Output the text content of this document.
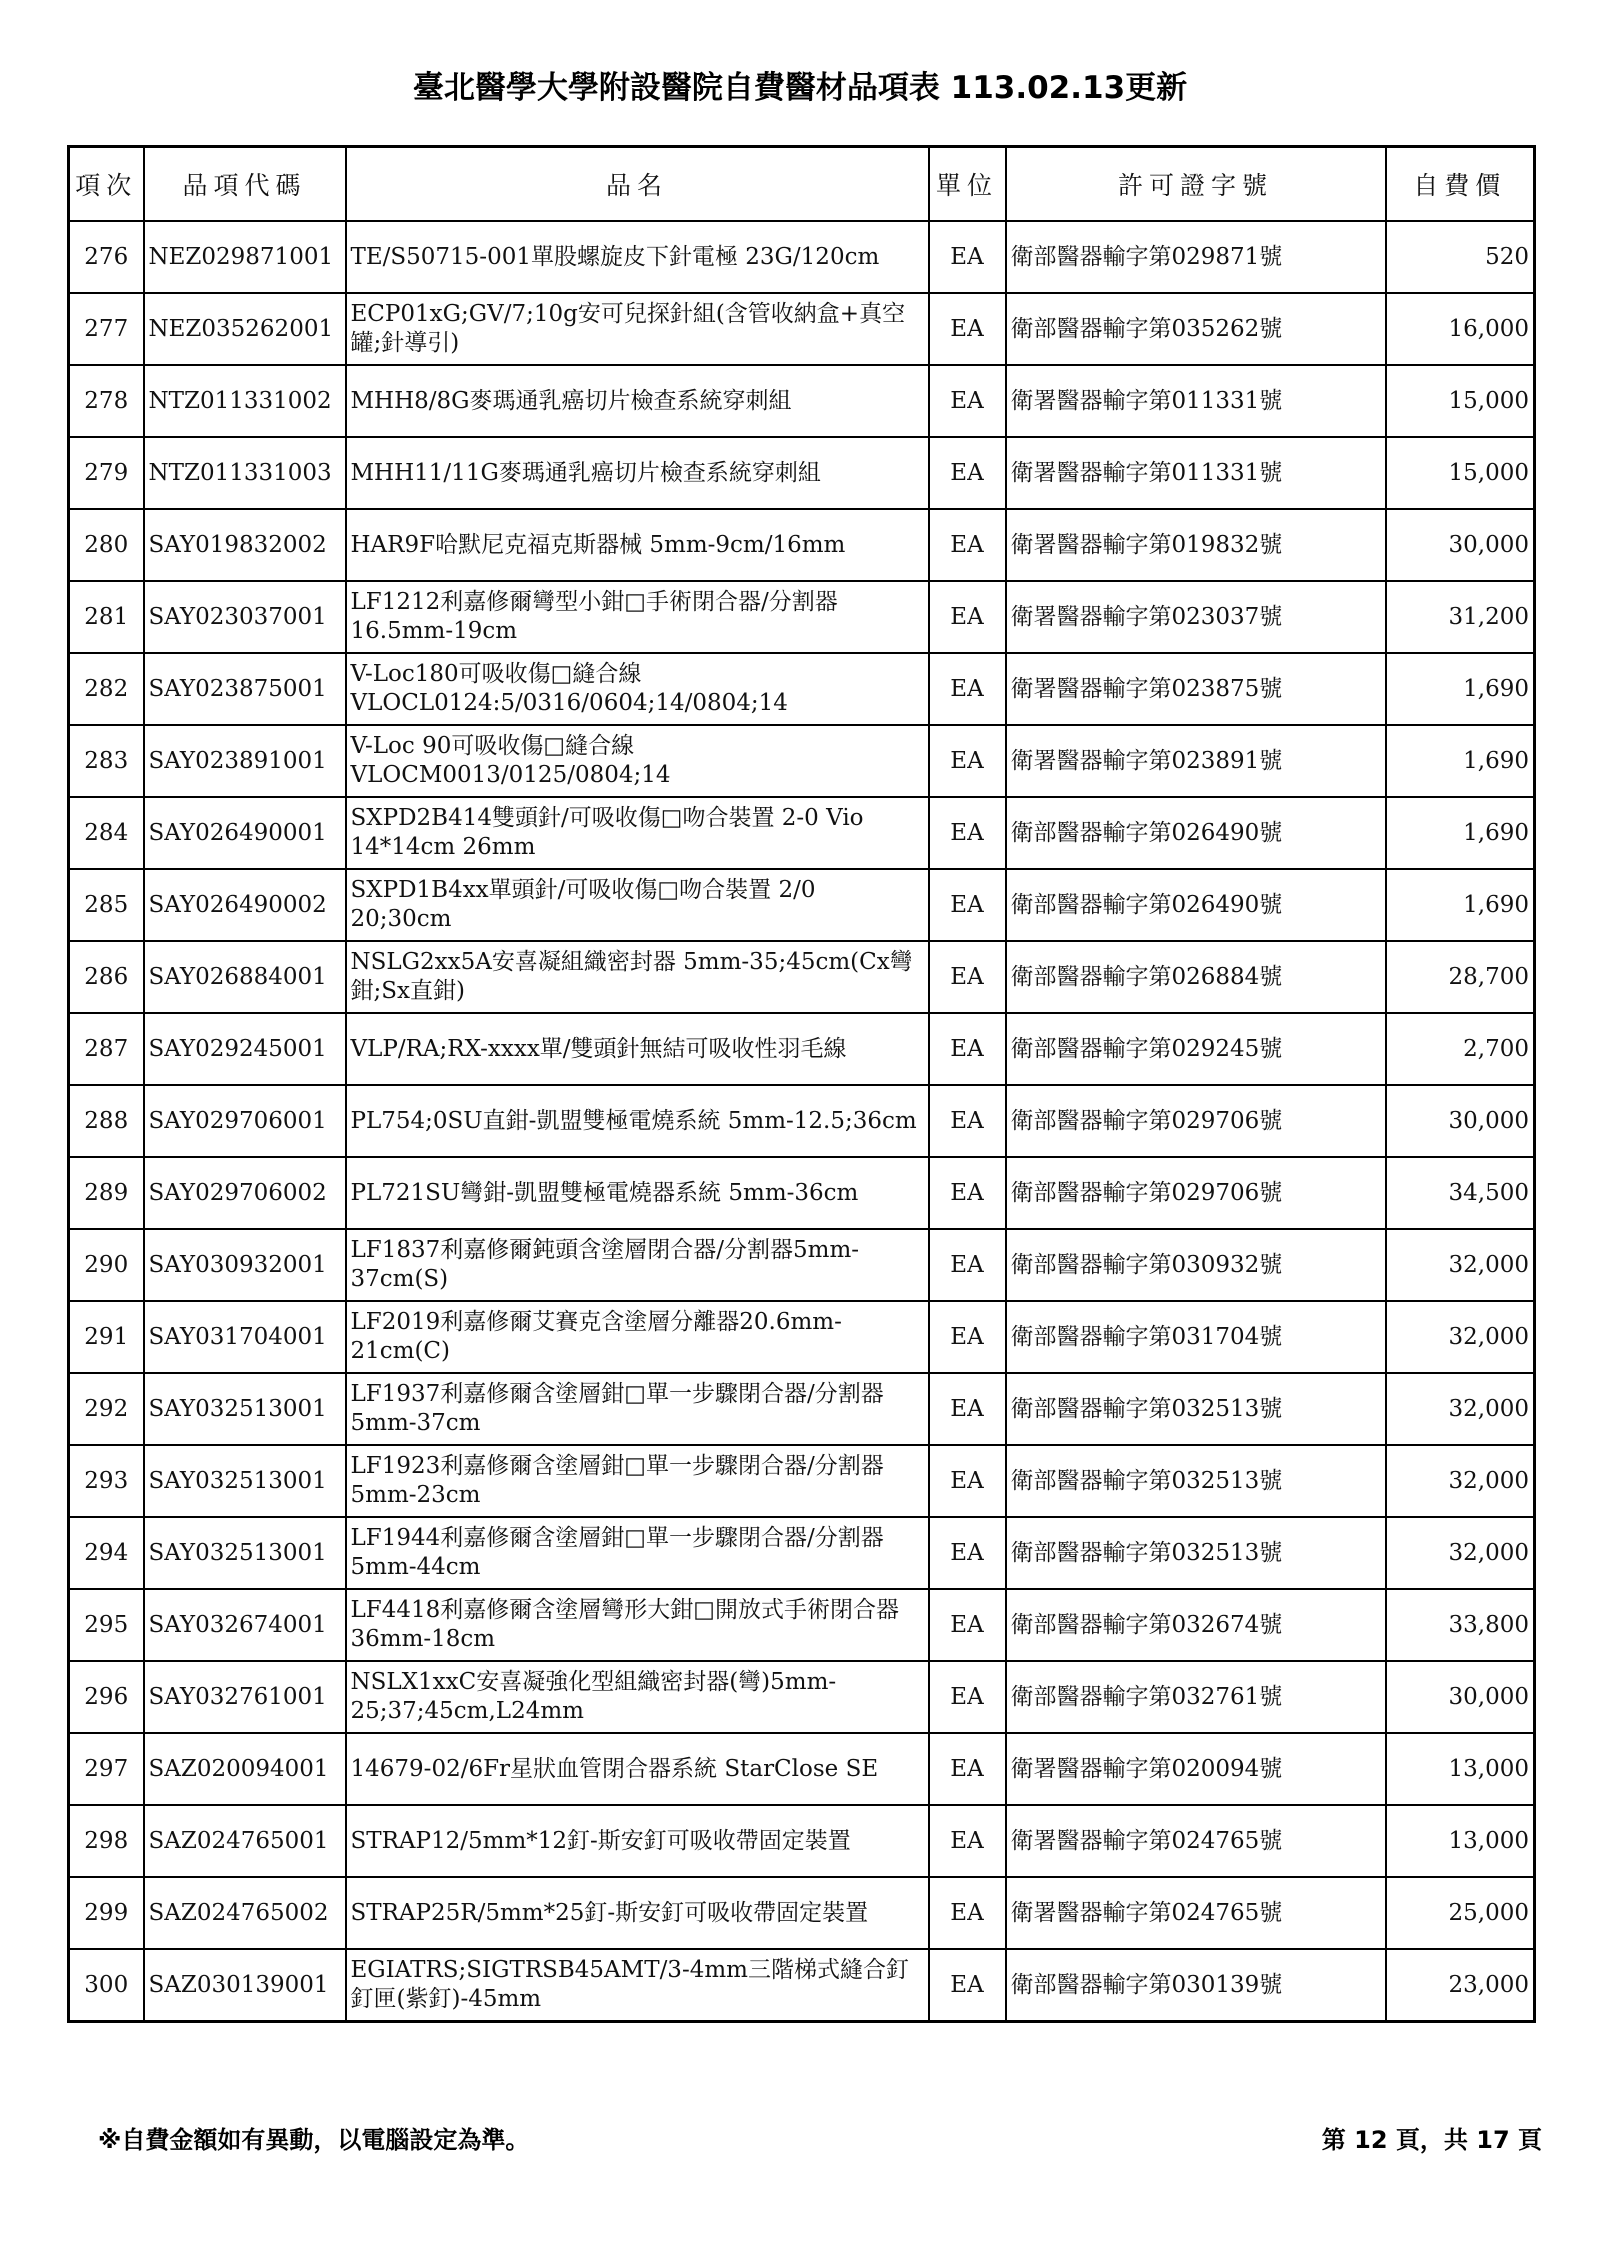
臺北醫學大學附設醫院自費醫材品項表 113.02.13更新
項次	品項代碼	品名	單位	許可證字號	自費價
276	NEZ029871001	TE/S50715-001單股螺旋皮下針電極 23G/120cm	EA	衛部醫器輸字第029871號	520
277	NEZ035262001	ECP01xG;GV/7;10g安可兒探針組(含管收納盒+真空罐;針導引)	EA	衛部醫器輸字第035262號	16,000
278	NTZ011331002	MHH8/8G麥瑪通乳癌切片檢查系統穿刺組	EA	衛署醫器輸字第011331號	15,000
279	NTZ011331003	MHH11/11G麥瑪通乳癌切片檢查系統穿刺組	EA	衛署醫器輸字第011331號	15,000
280	SAY019832002	HAR9F哈默尼克福克斯器械 5mm-9cm/16mm	EA	衛署醫器輸字第019832號	30,000
281	SAY023037001	LF1212利嘉修爾彎型小鉗□手術閉合器/分割器 16.5mm-19cm	EA	衛署醫器輸字第023037號	31,200
282	SAY023875001	V-Loc180可吸收傷□縫合線 VLOCL0124:5/0316/0604;14/0804;14	EA	衛署醫器輸字第023875號	1,690
283	SAY023891001	V-Loc 90可吸收傷□縫合線 VLOCM0013/0125/0804;14	EA	衛署醫器輸字第023891號	1,690
284	SAY026490001	SXPD2B414雙頭針/可吸收傷□吻合裝置 2-0 Vio 14*14cm 26mm	EA	衛部醫器輸字第026490號	1,690
285	SAY026490002	SXPD1B4xx單頭針/可吸收傷□吻合裝置 2/0 20;30cm	EA	衛部醫器輸字第026490號	1,690
286	SAY026884001	NSLG2xx5A安喜凝組織密封器 5mm-35;45cm(Cx彎鉗;Sx直鉗)	EA	衛部醫器輸字第026884號	28,700
287	SAY029245001	VLP/RA;RX-xxxx單/雙頭針無結可吸收性羽毛線	EA	衛部醫器輸字第029245號	2,700
288	SAY029706001	PL754;0SU直鉗-凱盟雙極電燒系統 5mm-12.5;36cm	EA	衛部醫器輸字第029706號	30,000
289	SAY029706002	PL721SU彎鉗-凱盟雙極電燒器系統 5mm-36cm	EA	衛部醫器輸字第029706號	34,500
290	SAY030932001	LF1837利嘉修爾鈍頭含塗層閉合器/分割器5mm-37cm(S)	EA	衛部醫器輸字第030932號	32,000
291	SAY031704001	LF2019利嘉修爾艾賽克含塗層分離器20.6mm-21cm(C)	EA	衛部醫器輸字第031704號	32,000
292	SAY032513001	LF1937利嘉修爾含塗層鉗□單一步驟閉合器/分割器5mm-37cm	EA	衛部醫器輸字第032513號	32,000
293	SAY032513001	LF1923利嘉修爾含塗層鉗□單一步驟閉合器/分割器5mm-23cm	EA	衛部醫器輸字第032513號	32,000
294	SAY032513001	LF1944利嘉修爾含塗層鉗□單一步驟閉合器/分割器5mm-44cm	EA	衛部醫器輸字第032513號	32,000
295	SAY032674001	LF4418利嘉修爾含塗層彎形大鉗□開放式手術閉合器36mm-18cm	EA	衛部醫器輸字第032674號	33,800
296	SAY032761001	NSLX1xxC安喜凝強化型組織密封器(彎)5mm-25;37;45cm,L24mm	EA	衛部醫器輸字第032761號	30,000
297	SAZ020094001	14679-02/6Fr星狀血管閉合器系統 StarClose SE	EA	衛署醫器輸字第020094號	13,000
298	SAZ024765001	STRAP12/5mm*12釘-斯安釘可吸收帶固定裝置	EA	衛署醫器輸字第024765號	13,000
299	SAZ024765002	STRAP25R/5mm*25釘-斯安釘可吸收帶固定裝置	EA	衛署醫器輸字第024765號	25,000
300	SAZ030139001	EGIATRS;SIGTRSB45AMT/3-4mm三階梯式縫合釘釘匣(紫釘)-45mm	EA	衛部醫器輸字第030139號	23,000
※自費金額如有異動，以電腦設定為準。	第 12 頁，共 17 頁
